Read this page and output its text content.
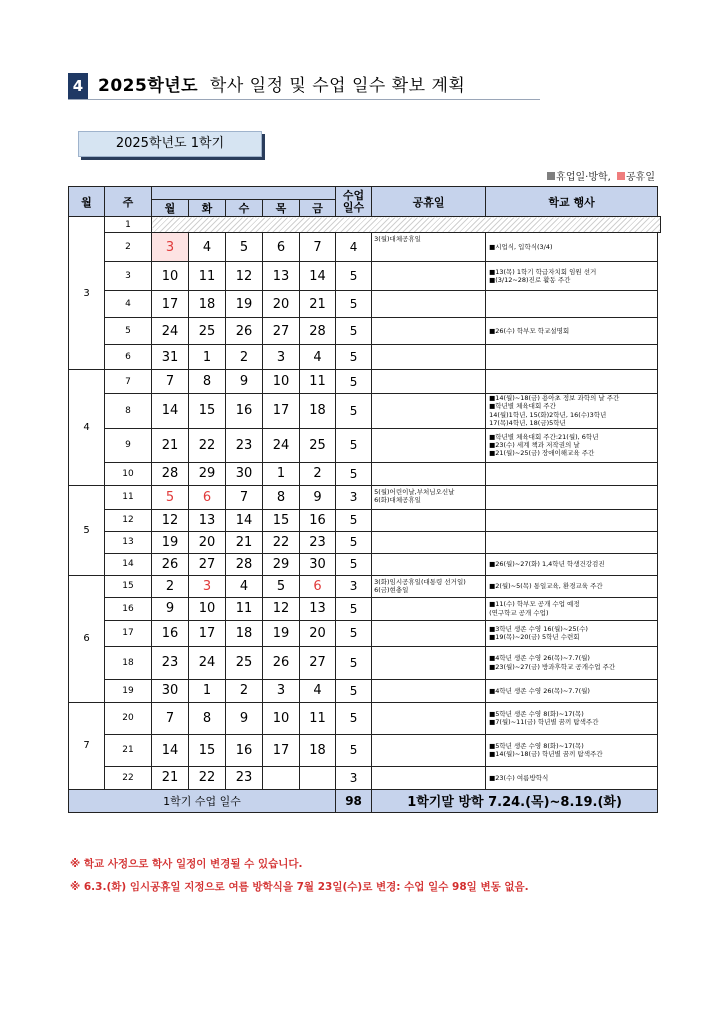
4 2025학년도 학사 일정 및 수업 일수 확보 계획
2025학년도 1학기
휴업일·방학, 공휴일
월	주						수업
일수	공휴일	학교 행사
		월	화	수	목	금			
3	1								
	2	3	4	5	6	7	4	3(월)대체공휴일	■시업식, 입학식(3/4)

	3	10	11	12	13	14	5		■13(목) 1학기 학급자치회 임원 선거
■(3/12~28)진로 활동 주간

	4	17	18	19	20	21	5		
	5	24	25	26	27	28	5		■26(수) 학부모 학교설명회

	6	31	1	2	3	4	5		
4	7	7	8	9	10	11	5		
	8	14	15	16	17	18	5		■14(월)~18(금) 용아초 정보 과학의 날 주간
■학년별 체육대회 주간
14(월)1학년, 15(화)2학년, 16(수)3학년
17(목)4학년, 18(금)5학년

	9	21	22	23	24	25	5		■학년별 체육대회 주간:21(월), 6학년
■23(수) 세계 책과 저작권의 날
■21(월)~25(금) 장애이해교육 주간

	10	28	29	30	1	2	5		
5	11	5	6	7	8	9	3	5(월)어린이날,부처님오신날
6(화)대체공휴일	
	12	12	13	14	15	16	5		
	13	19	20	21	22	23	5		
	14	26	27	28	29	30	5		■26(월)~27(화) 1,4학년 학생건강검진

6	15	2	3	4	5	6	3	3(화)임시공휴일(대통령 선거일)
6(금)현충일	■2(월)~5(목) 통일교육, 환경교육 주간

	16	9	10	11	12	13	5		■11(수) 학부모 공개 수업 예정
(연구학교 공개 수업)

	17	16	17	18	19	20	5		■3학년 생존 수영 16(월)~25(수)
■19(목)~20(금) 5학년 수련회

	18	23	24	25	26	27	5		■4학년 생존 수영 26(목)~7.7(월)
■23(월)~27(금) 방과후학교 공개수업 주간

	19	30	1	2	3	4	5		■4학년 생존 수영 26(목)~7.7(월)

7	20	7	8	9	10	11	5		■5학년 생존 수영 8(화)~17(목)
■7(월)~11(금) 학년별 꿈끼 탐색주간

	21	14	15	16	17	18	5		■5학년 생존 수영 8(화)~17(목)
■14(월)~18(금) 학년별 꿈끼 탐색주간

	22	21	22	23			3		■23(수) 여름방학식

1학기 수업 일수							98	1학기말 방학 7.24.(목)~8.19.(화)	
※ 학교 사정으로 학사 일정이 변경될 수 있습니다.
※ 6.3.(화) 임시공휴일 지정으로 여름 방학식을 7월 23일(수)로 변경: 수업 일수 98일 변동 없음.
